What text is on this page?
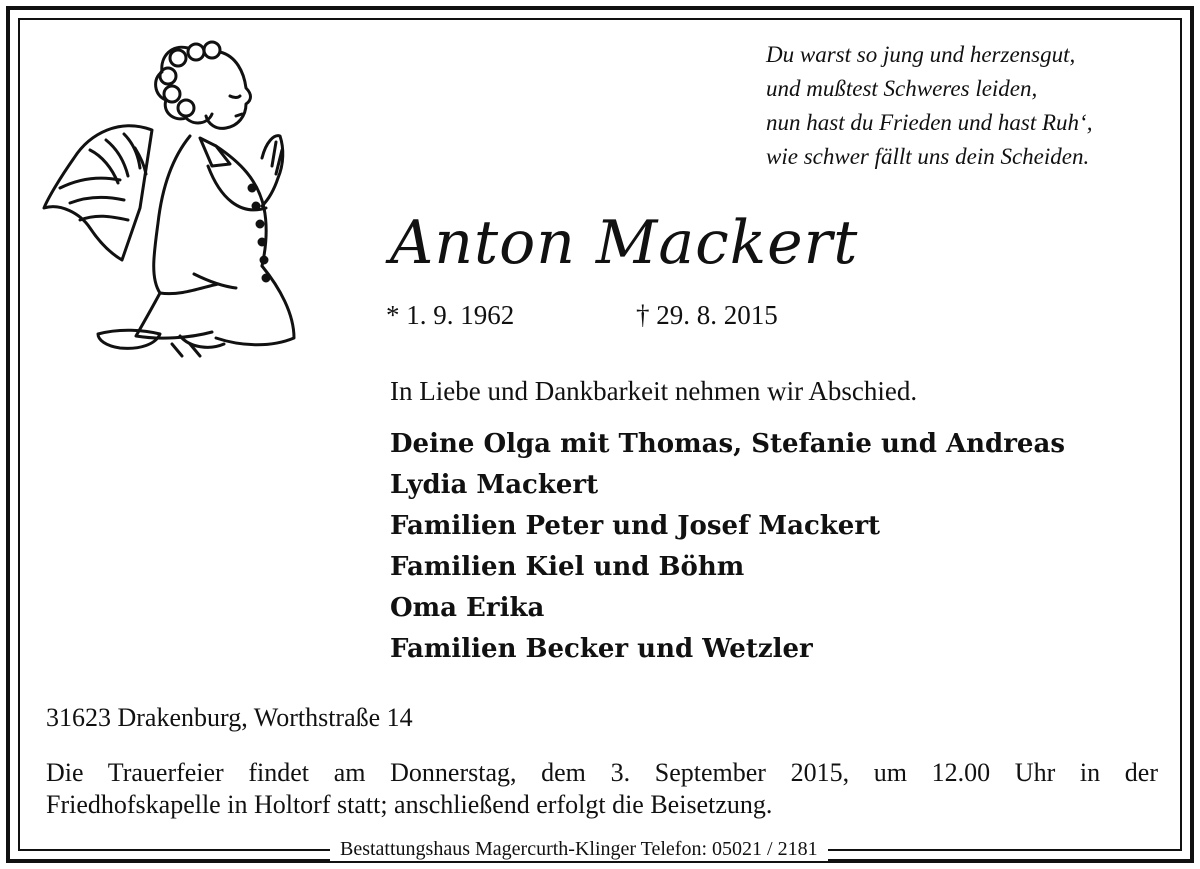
Du warst so jung und herzensgut,
und mußtest Schweres leiden,
nun hast du Frieden und hast Ruh‘,
wie schwer fällt uns dein Scheiden.
Anton Mackert
* 1. 9. 1962	† 29. 8. 2015
In Liebe und Dankbarkeit nehmen wir Abschied.
Deine Olga mit Thomas, Stefanie und Andreas
Lydia Mackert
Familien Peter und Josef Mackert
Familien Kiel und Böhm
Oma Erika
Familien Becker und Wetzler
31623 Drakenburg, Worthstraße 14
Die Trauerfeier findet am Donnerstag, dem 3. September 2015, um 12.00 Uhr in der
Friedhofskapelle in Holtorf statt; anschließend erfolgt die Beisetzung.
Bestattungshaus Magercurth-Klinger Telefon: 05021 / 2181
